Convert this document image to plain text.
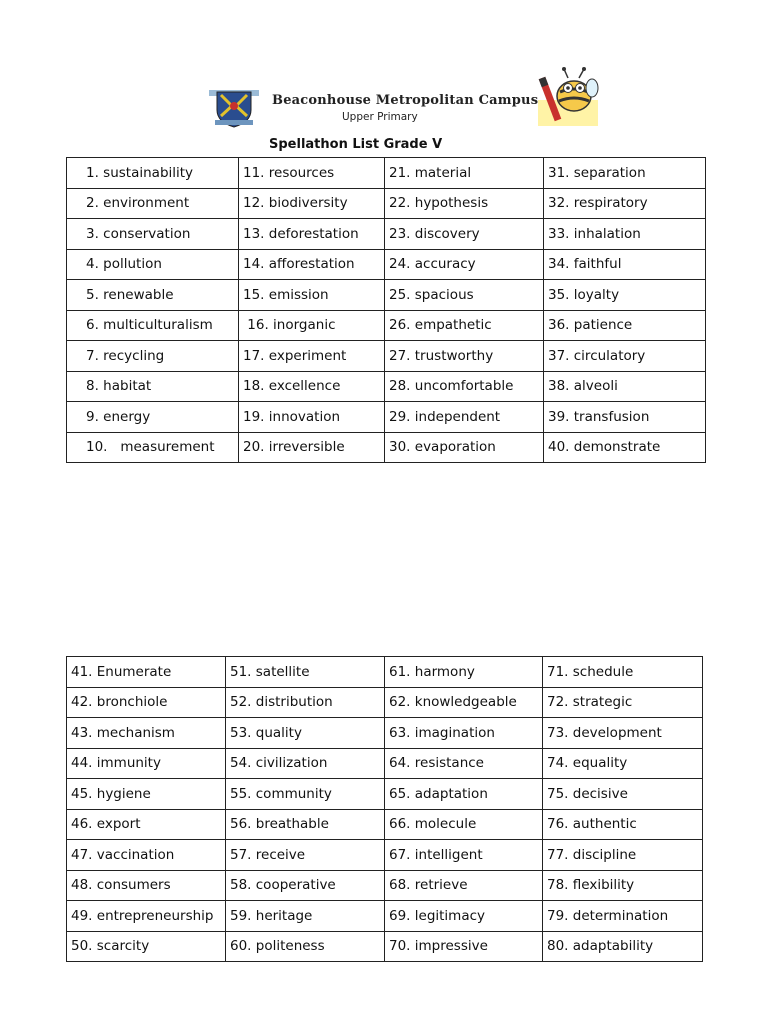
Beaconhouse Metropolitan Campus
Upper Primary
Spellathon List Grade V
1. sustainability	11. resources	21. material	31. separation
2. environment	12. biodiversity	22. hypothesis	32. respiratory
3. conservation	13. deforestation	23. discovery	33. inhalation
4. pollution	14. afforestation	24. accuracy	34. faithful
5. renewable	15. emission	25. spacious	35. loyalty
6. multiculturalism	16. inorganic	26. empathetic	36. patience
7. recycling	17. experiment	27. trustworthy	37. circulatory
8. habitat	18. excellence	28. uncomfortable	38. alveoli
9. energy	19. innovation	29. independent	39. transfusion
10.   measurement	20. irreversible	30. evaporation	40. demonstrate
41. Enumerate	51. satellite	61. harmony	71. schedule
42. bronchiole	52. distribution	62. knowledgeable	72. strategic
43. mechanism	53. quality	63. imagination	73. development
44. immunity	54. civilization	64. resistance	74. equality
45. hygiene	55. community	65. adaptation	75. decisive
46. export	56. breathable	66. molecule	76. authentic
47. vaccination	57. receive	67. intelligent	77. discipline
48. consumers	58. cooperative	68. retrieve	78. flexibility
49. entrepreneurship	59. heritage	69. legitimacy	79. determination
50. scarcity	60. politeness	70. impressive	80. adaptability
